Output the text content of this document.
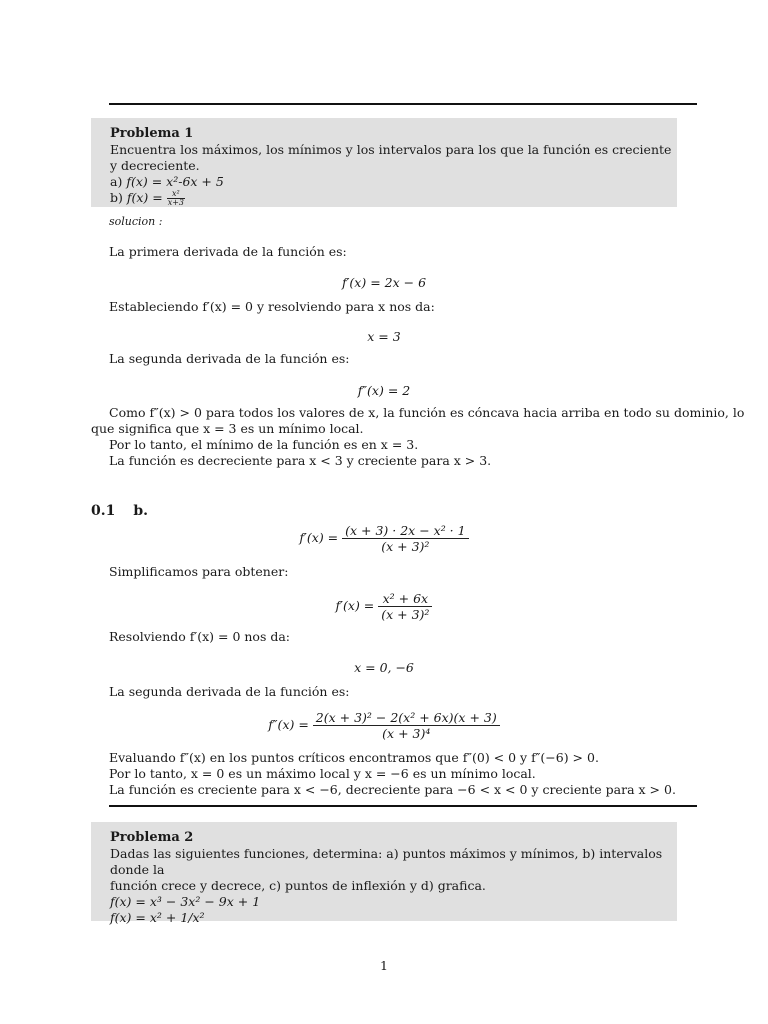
Problema 1
Encuentra los máximos, los mínimos y los intervalos para los que la función es creciente y decreciente.
a) f(x) = x²-6x + 5
b) $f(x) = \frac{\text{x²}}{x+3}$
solucion :
La primera derivada de la función es:
f′(x) = 2x − 6
Estableciendo f′(x) = 0 y resolviendo para x nos da:
x = 3
La segunda derivada de la función es:
f″(x) = 2
Como f″(x) > 0 para todos los valores de x, la función es cóncava hacia arriba en todo su dominio, lo
que significa que x = 3 es un mínimo local.
Por lo tanto, el mínimo de la función es en x = 3.
La función es decreciente para x < 3 y creciente para x > 3.
0.1 b.
$f'(x) = \frac{\text{(x + 3) · 2x − x² · 1}}{\text{(x + 3)²}}$
Simplificamos para obtener:
$f'(x) = \frac{\text{x² + 6x}}{\text{(x + 3)²}}$
Resolviendo f′(x) = 0 nos da:
x = 0, −6
La segunda derivada de la función es:
$f''(x) = \frac{\text{2(x + 3)² − 2(x² + 6x)(x + 3)}}{\text{(x + 3)⁴}}$
Evaluando f″(x) en los puntos críticos encontramos que f″(0) < 0 y f″(−6) > 0.
Por lo tanto, x = 0 es un máximo local y x = −6 es un mínimo local.
La función es creciente para x < −6, decreciente para −6 < x < 0 y creciente para x > 0.
Problema 2
Dadas las siguientes funciones, determina: a) puntos máximos y mínimos, b) intervalos donde la
función crece y decrece, c) puntos de inflexión y d) grafica.
f(x) = x³ − 3x² − 9x + 1
f(x) = x² + 1/x²
1
